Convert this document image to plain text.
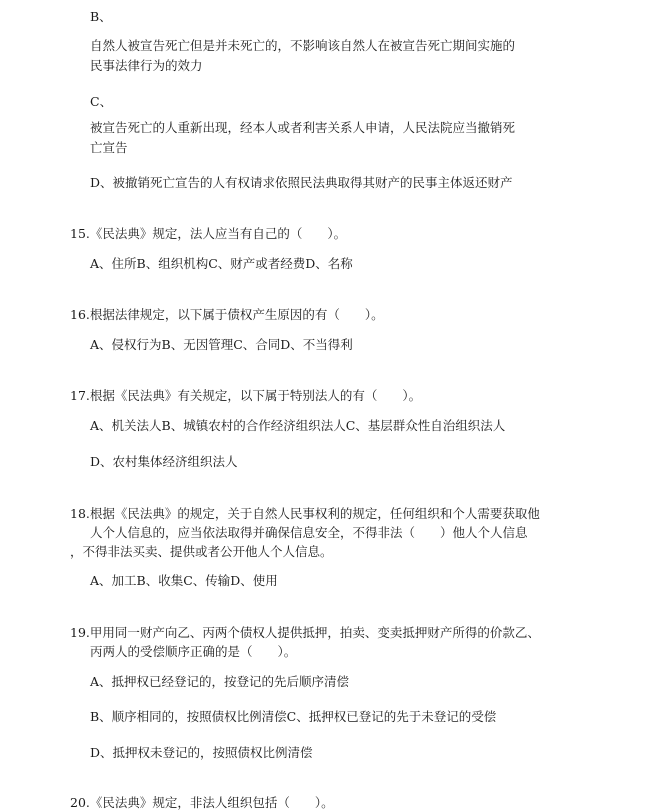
B、
自然人被宣告死亡但是并未死亡的，不影响该自然人在被宣告死亡期间实施的
民事法律行为的效力
C、
被宣告死亡的人重新出现，经本人或者利害关系人申请，人民法院应当撤销死
亡宣告
D、被撤销死亡宣告的人有权请求依照民法典取得其财产的民事主体返还财产
15.《民法典》规定，法人应当有自己的（　　）。
A、住所B、组织机构C、财产或者经费D、名称
16.根据法律规定，以下属于债权产生原因的有（　　）。
A、侵权行为B、无因管理C、合同D、不当得利
17.根据《民法典》有关规定，以下属于特别法人的有（　　）。
A、机关法人B、城镇农村的合作经济组织法人C、基层群众性自治组织法人
D、农村集体经济组织法人
18.根据《民法典》的规定，关于自然人民事权利的规定，任何组织和个人需要获取他
人个人信息的，应当依法取得并确保信息安全，不得非法（　　）他人个人信息
，不得非法买卖、提供或者公开他人个人信息。
A、加工B、收集C、传输D、使用
19.甲用同一财产向乙、丙两个债权人提供抵押，拍卖、变卖抵押财产所得的价款乙、
丙两人的受偿顺序正确的是（　　）。
A、抵押权已经登记的，按登记的先后顺序清偿
B、顺序相同的，按照债权比例清偿C、抵押权已登记的先于未登记的受偿
D、抵押权未登记的，按照债权比例清偿
20.《民法典》规定，非法人组织包括（　　）。
